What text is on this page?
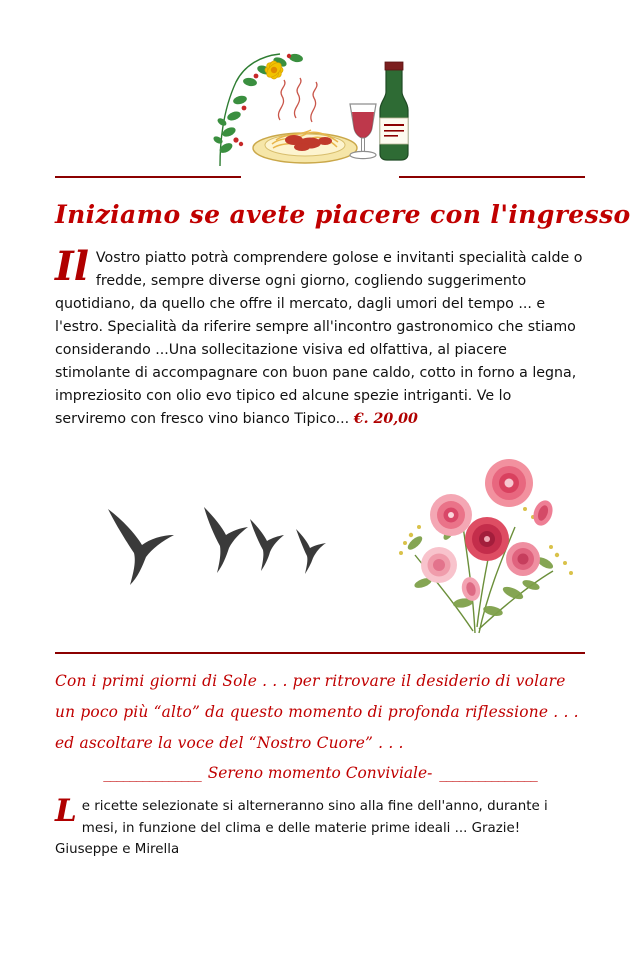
Iniziamo se avete piacere con l'ingresso
Il Vostro piatto potrà comprendere golose e invitanti specialità calde o fredde, sempre diverse ogni giorno, cogliendo suggerimento quotidiano, da quello che offre il mercato, dagli umori del tempo ... e l'estro. Specialità da riferire sempre all'incontro gastronomico che stiamo considerando ...Una sollecitazione visiva ed olfattiva, al piacere stimolante di accompagnare con buon pane caldo, cotto in forno a legna, impreziosito con olio evo tipico ed alcune spezie intriganti. Ve lo serviremo con fresco vino bianco Tipico... €. 20,00
Con i primi giorni di Sole . . . per ritrovare il desiderio di volare un poco più “alto” da questo momento di profonda riflessione . . . ed ascoltare la voce del “Nostro Cuore” . . .
_______________ Sereno momento Conviviale- _______________
Le ricette selezionate si alterneranno sino alla fine dell'anno, durante i mesi, in funzione del clima e delle materie prime ideali ... Grazie! Giuseppe e Mirella
